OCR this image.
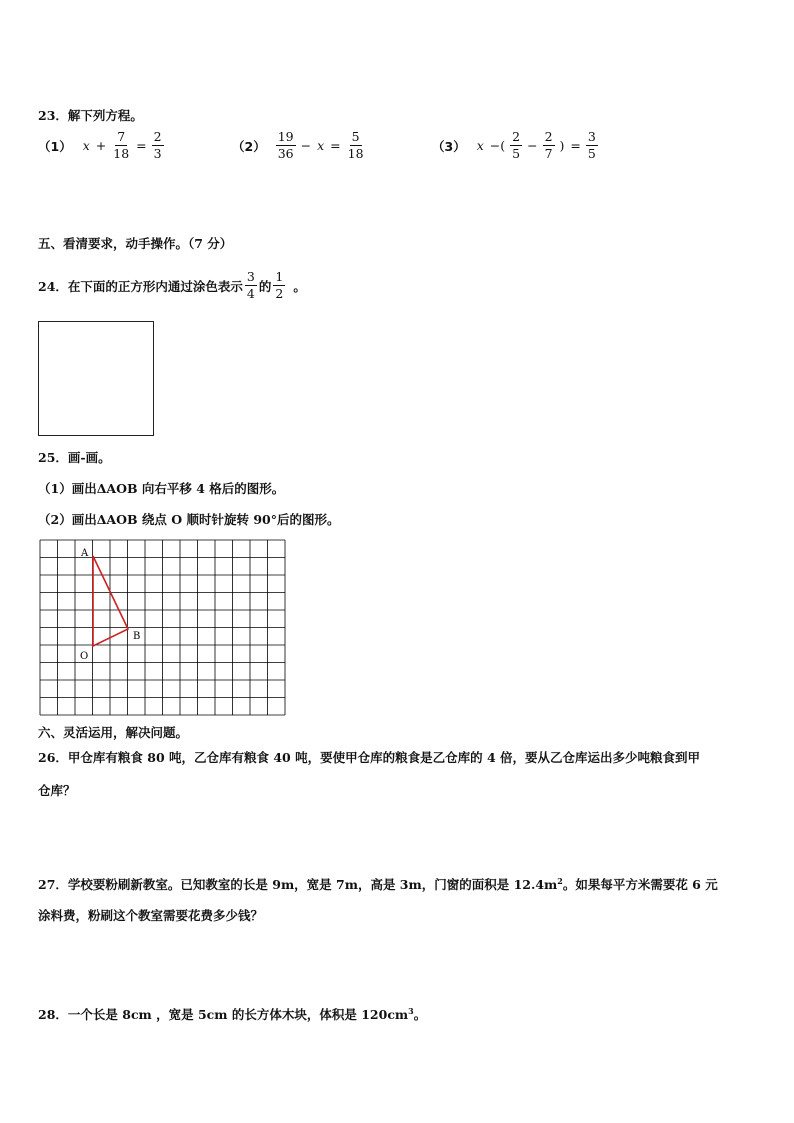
23．解下列方程。
（1） $x + \frac{7}{18} = \frac{2}{3}$	$(2) \frac{19}{36} - x = \frac{5}{18}$	（3） x −( $\frac{2}{5} - \frac{2}{7}$ ) = $\frac{3}{5}$
五、看清要求，动手操作。（7 分）
24．在下面的正方形内通过涂色表示 $\frac{3}{4}$ 的 $\frac{1}{2}$ 。
25．画-画。
（1）画出ΔAOB 向右平移 4 格后的图形。
（2）画出ΔAOB 绕点 O 顺时针旋转 90°后的图形。
A
B
O
六、灵活运用，解决问题。
26．甲仓库有粮食 80 吨，乙仓库有粮食 40 吨，要使甲仓库的粮食是乙仓库的 4 倍，要从乙仓库运出多少吨粮食到甲
仓库？
27．学校要粉刷新教室。已知教室的长是 9m，宽是 7m，高是 3m，门窗的面积是 $12.4m^2$。如果每平方米需要花 6 元
涂料费，粉刷这个教室需要花费多少钱？
28．一个长是 8cm ，宽是 5cm 的长方体木块，体积是 $120cm^3$。
